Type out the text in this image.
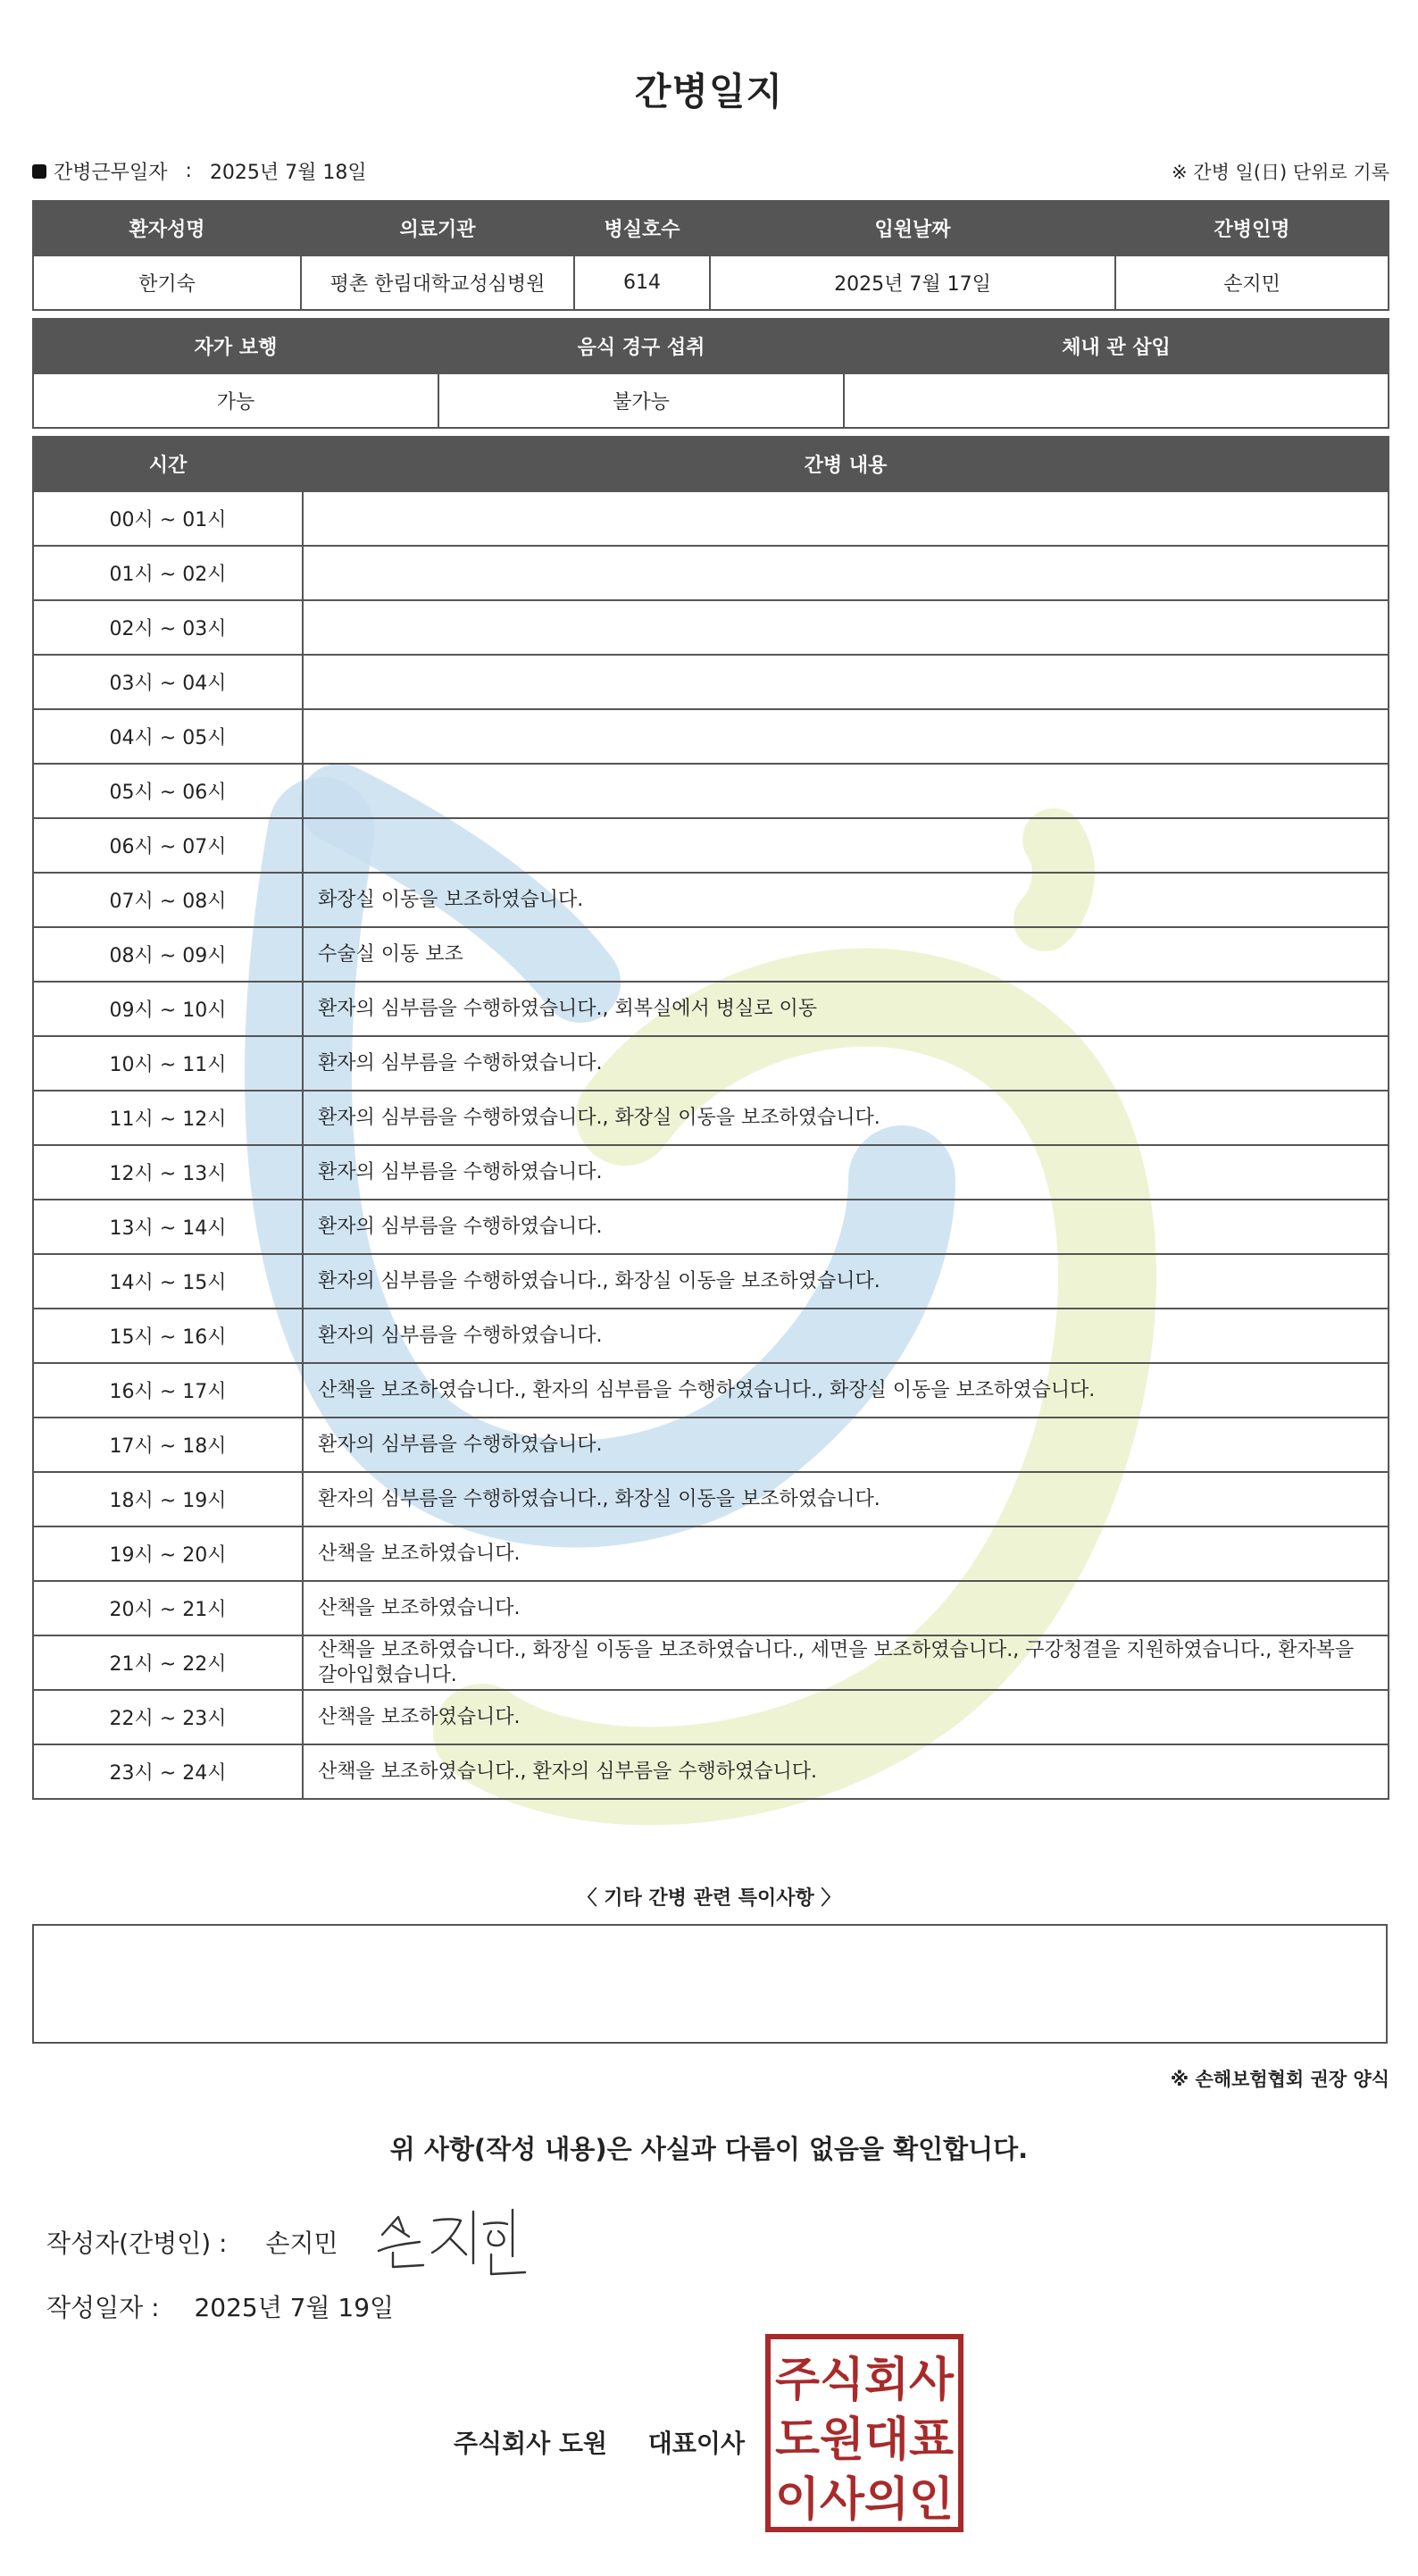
간병일지
간병근무일자 : 2025년 7월 18일	※ 간병 일(日) 단위로 기록
환자성명	의료기관	병실호수	입원날짜	간병인명
한기숙	평촌 한림대학교성심병원	614	2025년 7월 17일	손지민
자가 보행	음식 경구 섭취	체내 관 삽입
가능	불가능	
시간	간병 내용
00시 ~ 01시	
01시 ~ 02시	
02시 ~ 03시	
03시 ~ 04시	
04시 ~ 05시	
05시 ~ 06시	
06시 ~ 07시	
07시 ~ 08시	화장실 이동을 보조하였습니다.
08시 ~ 09시	수술실 이동 보조
09시 ~ 10시	환자의 심부름을 수행하였습니다., 회복실에서 병실로 이동
10시 ~ 11시	환자의 심부름을 수행하였습니다.
11시 ~ 12시	환자의 심부름을 수행하였습니다., 화장실 이동을 보조하였습니다.
12시 ~ 13시	환자의 심부름을 수행하였습니다.
13시 ~ 14시	환자의 심부름을 수행하였습니다.
14시 ~ 15시	환자의 심부름을 수행하였습니다., 화장실 이동을 보조하였습니다.
15시 ~ 16시	환자의 심부름을 수행하였습니다.
16시 ~ 17시	산책을 보조하였습니다., 환자의 심부름을 수행하였습니다., 화장실 이동을 보조하였습니다.
17시 ~ 18시	환자의 심부름을 수행하였습니다.
18시 ~ 19시	환자의 심부름을 수행하였습니다., 화장실 이동을 보조하였습니다.
19시 ~ 20시	산책을 보조하였습니다.
20시 ~ 21시	산책을 보조하였습니다.
21시 ~ 22시	산책을 보조하였습니다., 화장실 이동을 보조하였습니다., 세면을 보조하였습니다., 구강청결을 지원하였습니다., 환자복을 갈아입혔습니다.
22시 ~ 23시	산책을 보조하였습니다.
23시 ~ 24시	산책을 보조하였습니다., 환자의 심부름을 수행하였습니다.
〈 기타 간병 관련 특이사항 〉
※ 손해보험협회 권장 양식
위 사항(작성 내용)은 사실과 다름이 없음을 확인합니다.
작성자(간병인) : 손지민
작성일자 : 2025년 7월 19일
주식회사 도원 대표이사
주식회사
도원대표
이사의인
